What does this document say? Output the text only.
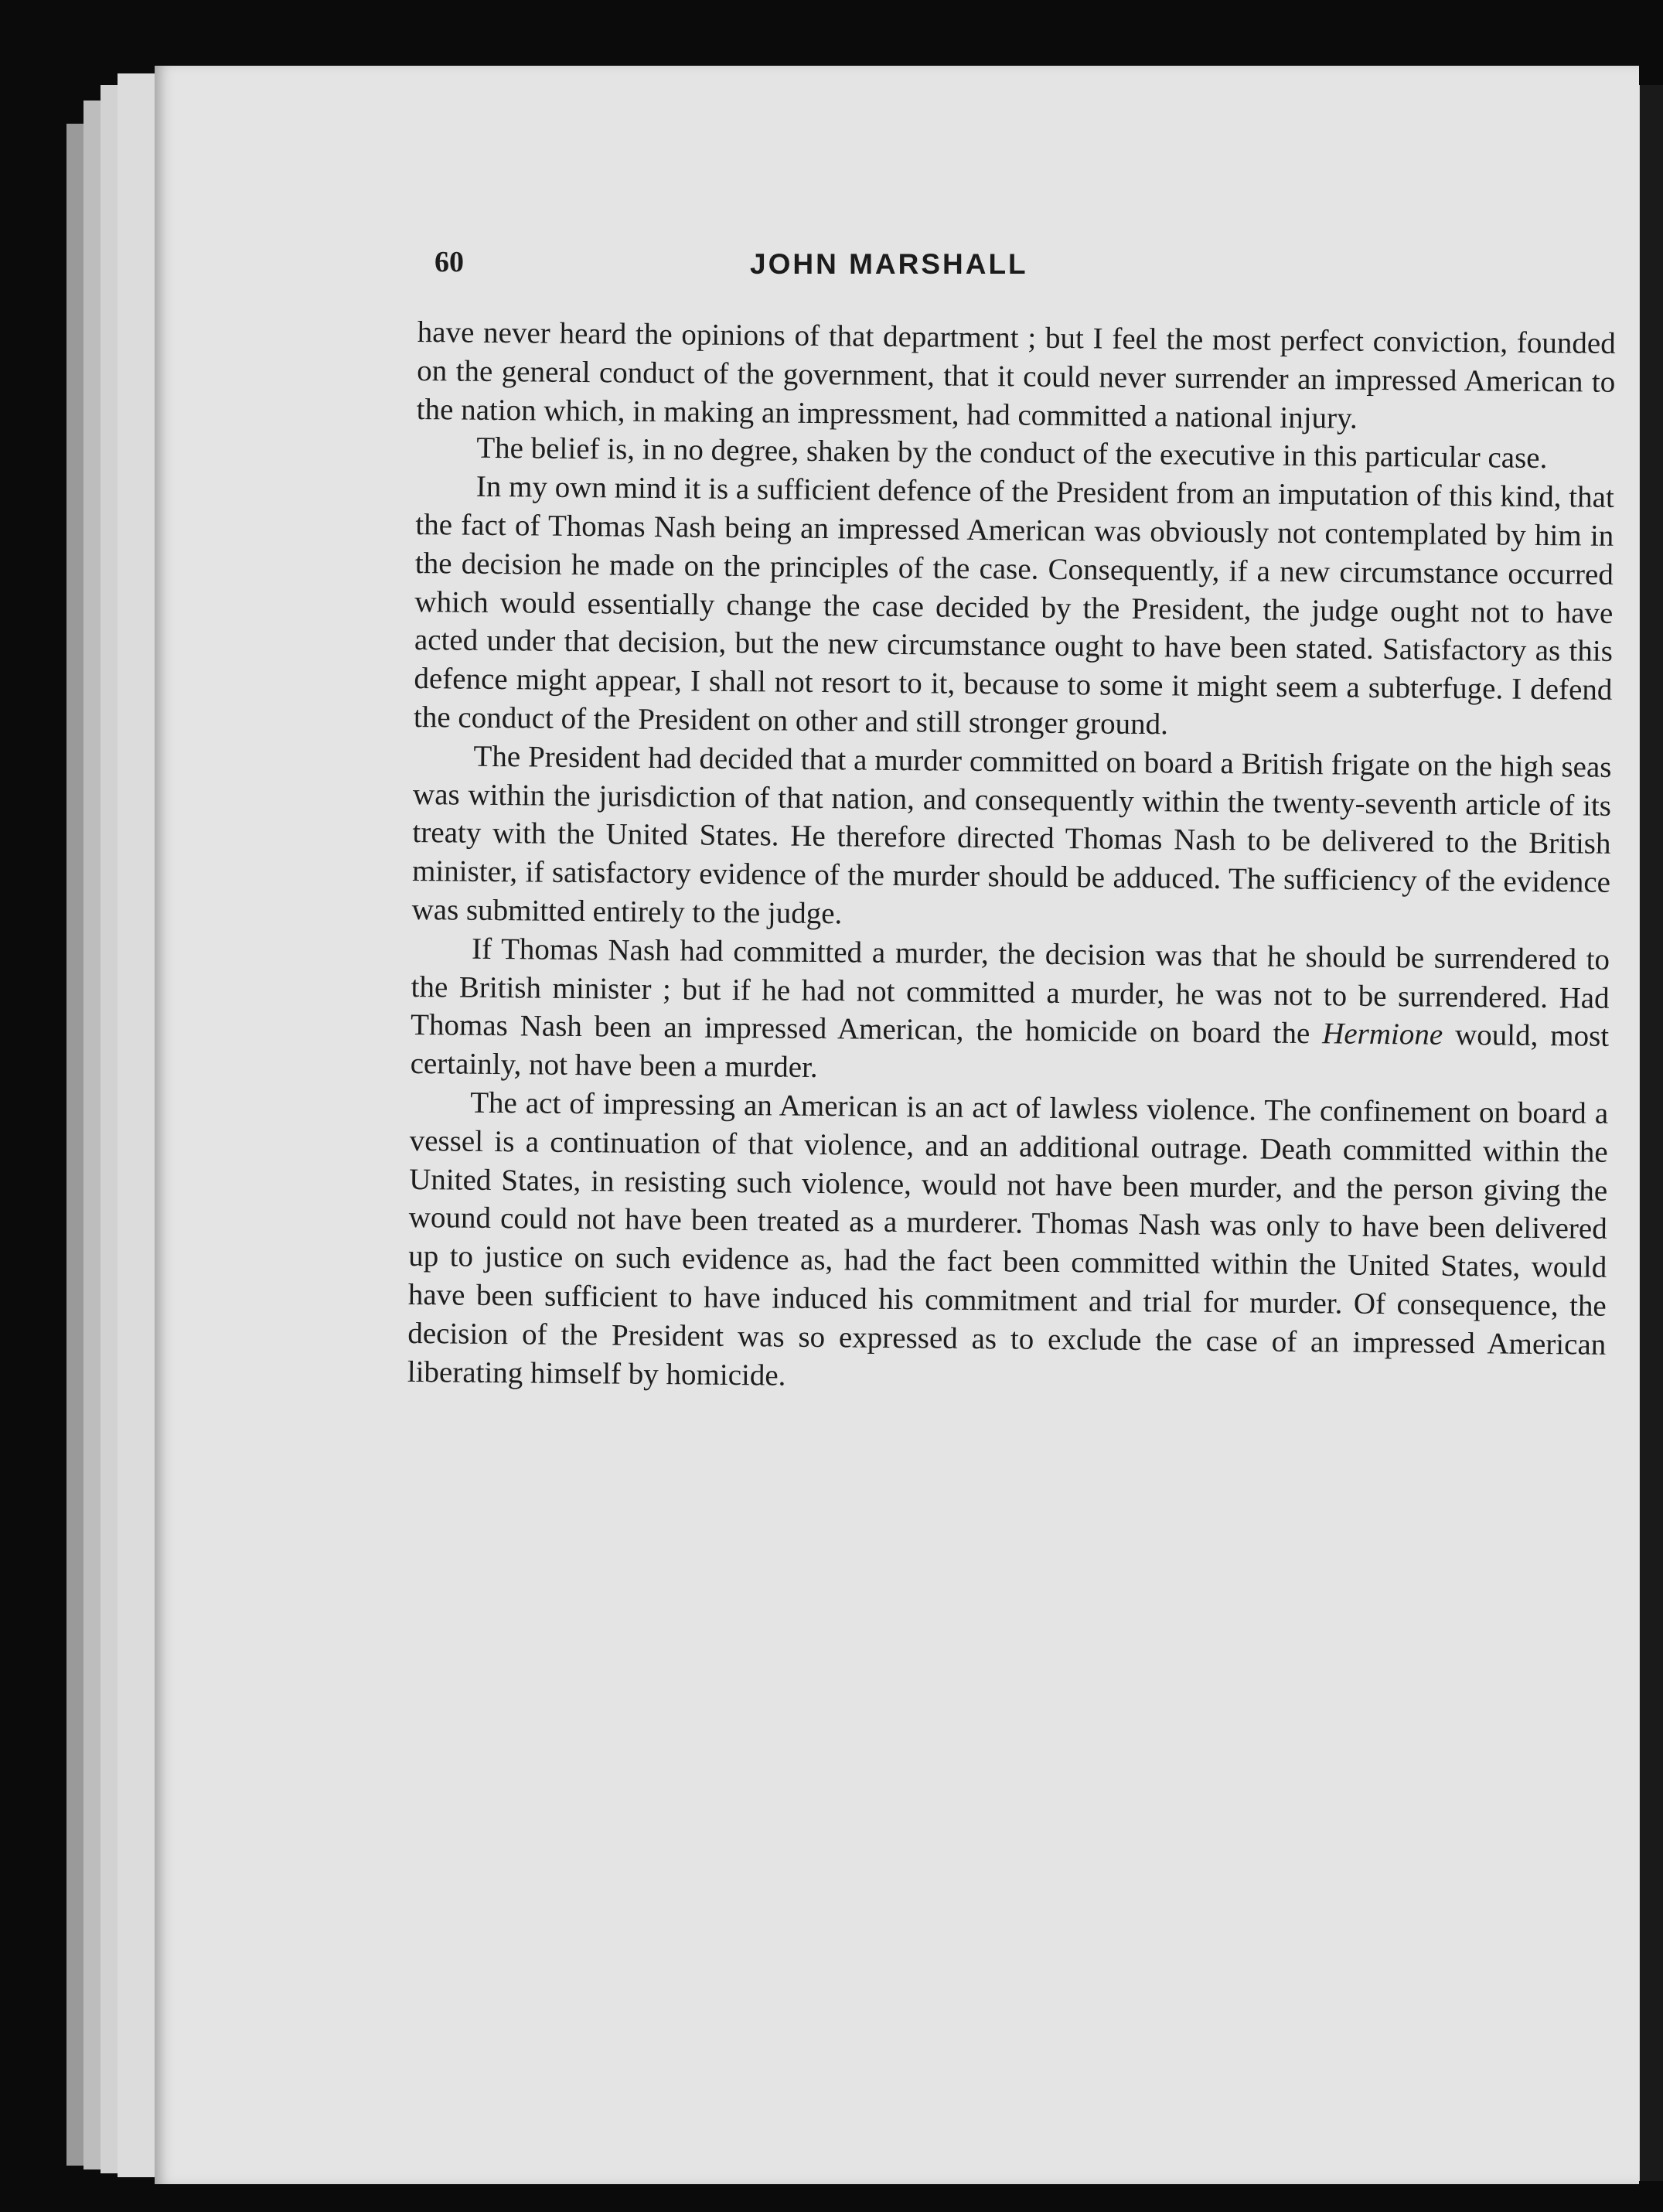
60	JOHN MARSHALL

have never heard the opinions of that department ; but I feel the most perfect conviction, founded on the general conduct of the government, that it could never surrender an impressed American to the nation which, in making an impressment, had committed a national injury.

The belief is, in no degree, shaken by the conduct of the executive in this particular case.

In my own mind it is a sufficient defence of the President from an imputation of this kind, that the fact of Thomas Nash being an impressed American was obviously not contemplated by him in the decision he made on the principles of the case. Consequently, if a new circumstance occurred which would essentially change the case decided by the President, the judge ought not to have acted under that decision, but the new circumstance ought to have been stated. Satisfactory as this defence might appear, I shall not resort to it, because to some it might seem a subterfuge. I defend the conduct of the President on other and still stronger ground.

The President had decided that a murder committed on board a British frigate on the high seas was within the jurisdiction of that nation, and consequently within the twenty-seventh article of its treaty with the United States. He therefore directed Thomas Nash to be delivered to the British minister, if satisfactory evidence of the murder should be adduced. The sufficiency of the evidence was submitted entirely to the judge.

If Thomas Nash had committed a murder, the decision was that he should be surrendered to the British minister ; but if he had not committed a murder, he was not to be surrendered. Had Thomas Nash been an impressed American, the homicide on board the Hermione would, most certainly, not have been a murder.

The act of impressing an American is an act of lawless violence. The confinement on board a vessel is a continuation of that violence, and an additional outrage. Death committed within the United States, in resisting such violence, would not have been murder, and the person giving the wound could not have been treated as a murderer. Thomas Nash was only to have been delivered up to justice on such evidence as, had the fact been committed within the United States, would have been sufficient to have induced his commitment and trial for murder. Of consequence, the decision of the President was so expressed as to exclude the case of an impressed American liberating himself by homicide.
